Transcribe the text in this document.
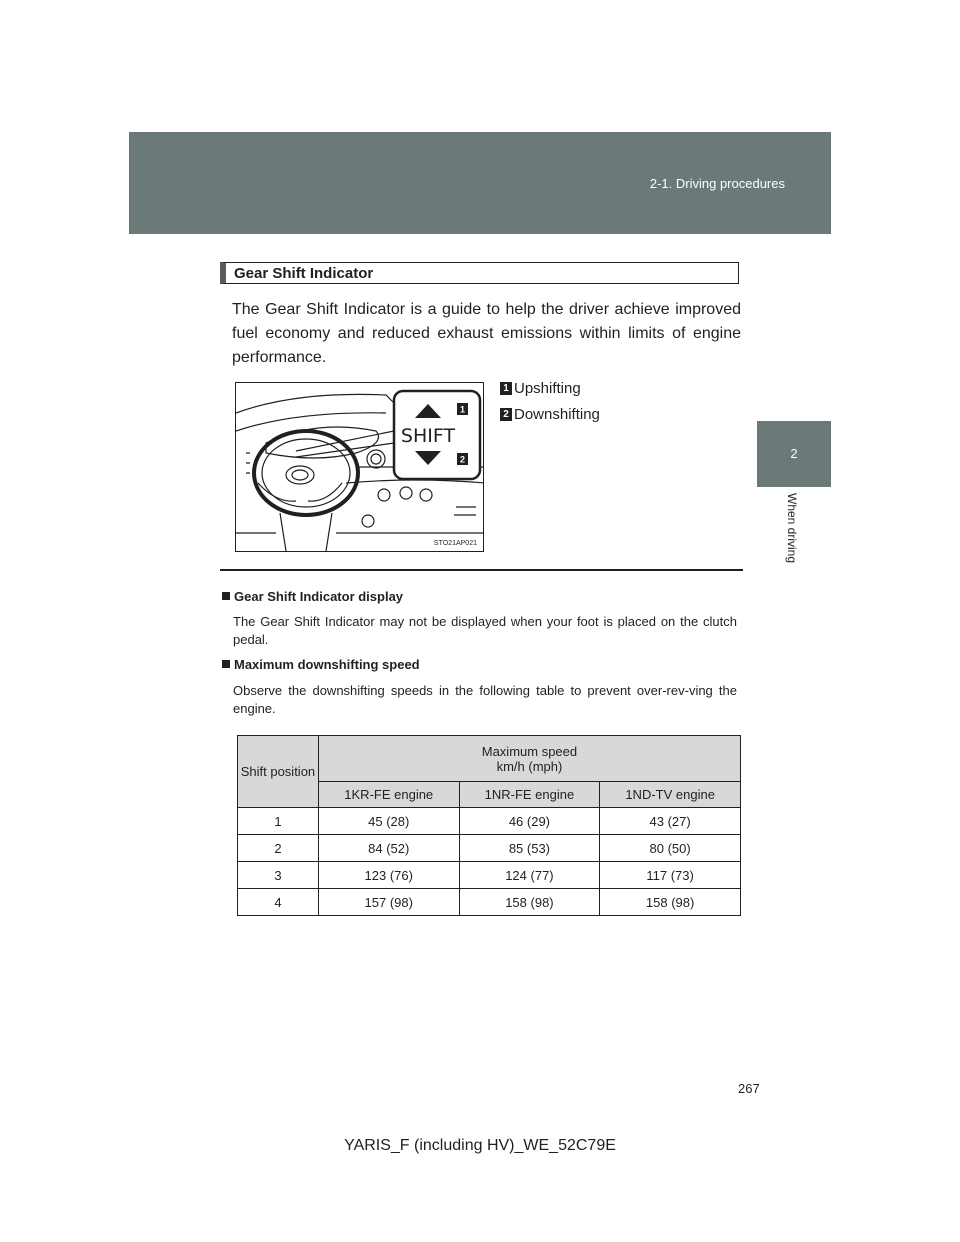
2-1. Driving procedures
2
When driving
Gear Shift Indicator
The Gear Shift Indicator is a guide to help the driver achieve improved fuel economy and reduced exhaust emissions within limits of engine performance.
1
2
SHIFT
STO21AP021
1 Upshifting
2 Downshifting
Gear Shift Indicator display
The Gear Shift Indicator may not be displayed when your foot is placed on the clutch pedal.
Maximum downshifting speed
Observe the downshifting speeds in the following table to prevent over-rev-ving the engine.
Shift position	Maximum speed
km/h (mph)		

	1KR-FE engine	1NR-FE engine	1ND-TV engine
1	45 (28)	46 (29)	43 (27)
2	84 (52)	85 (53)	80 (50)
3	123 (76)	124 (77)	117 (73)
4	157 (98)	158 (98)	158 (98)
267
YARIS_F (including HV)_WE_52C79E
